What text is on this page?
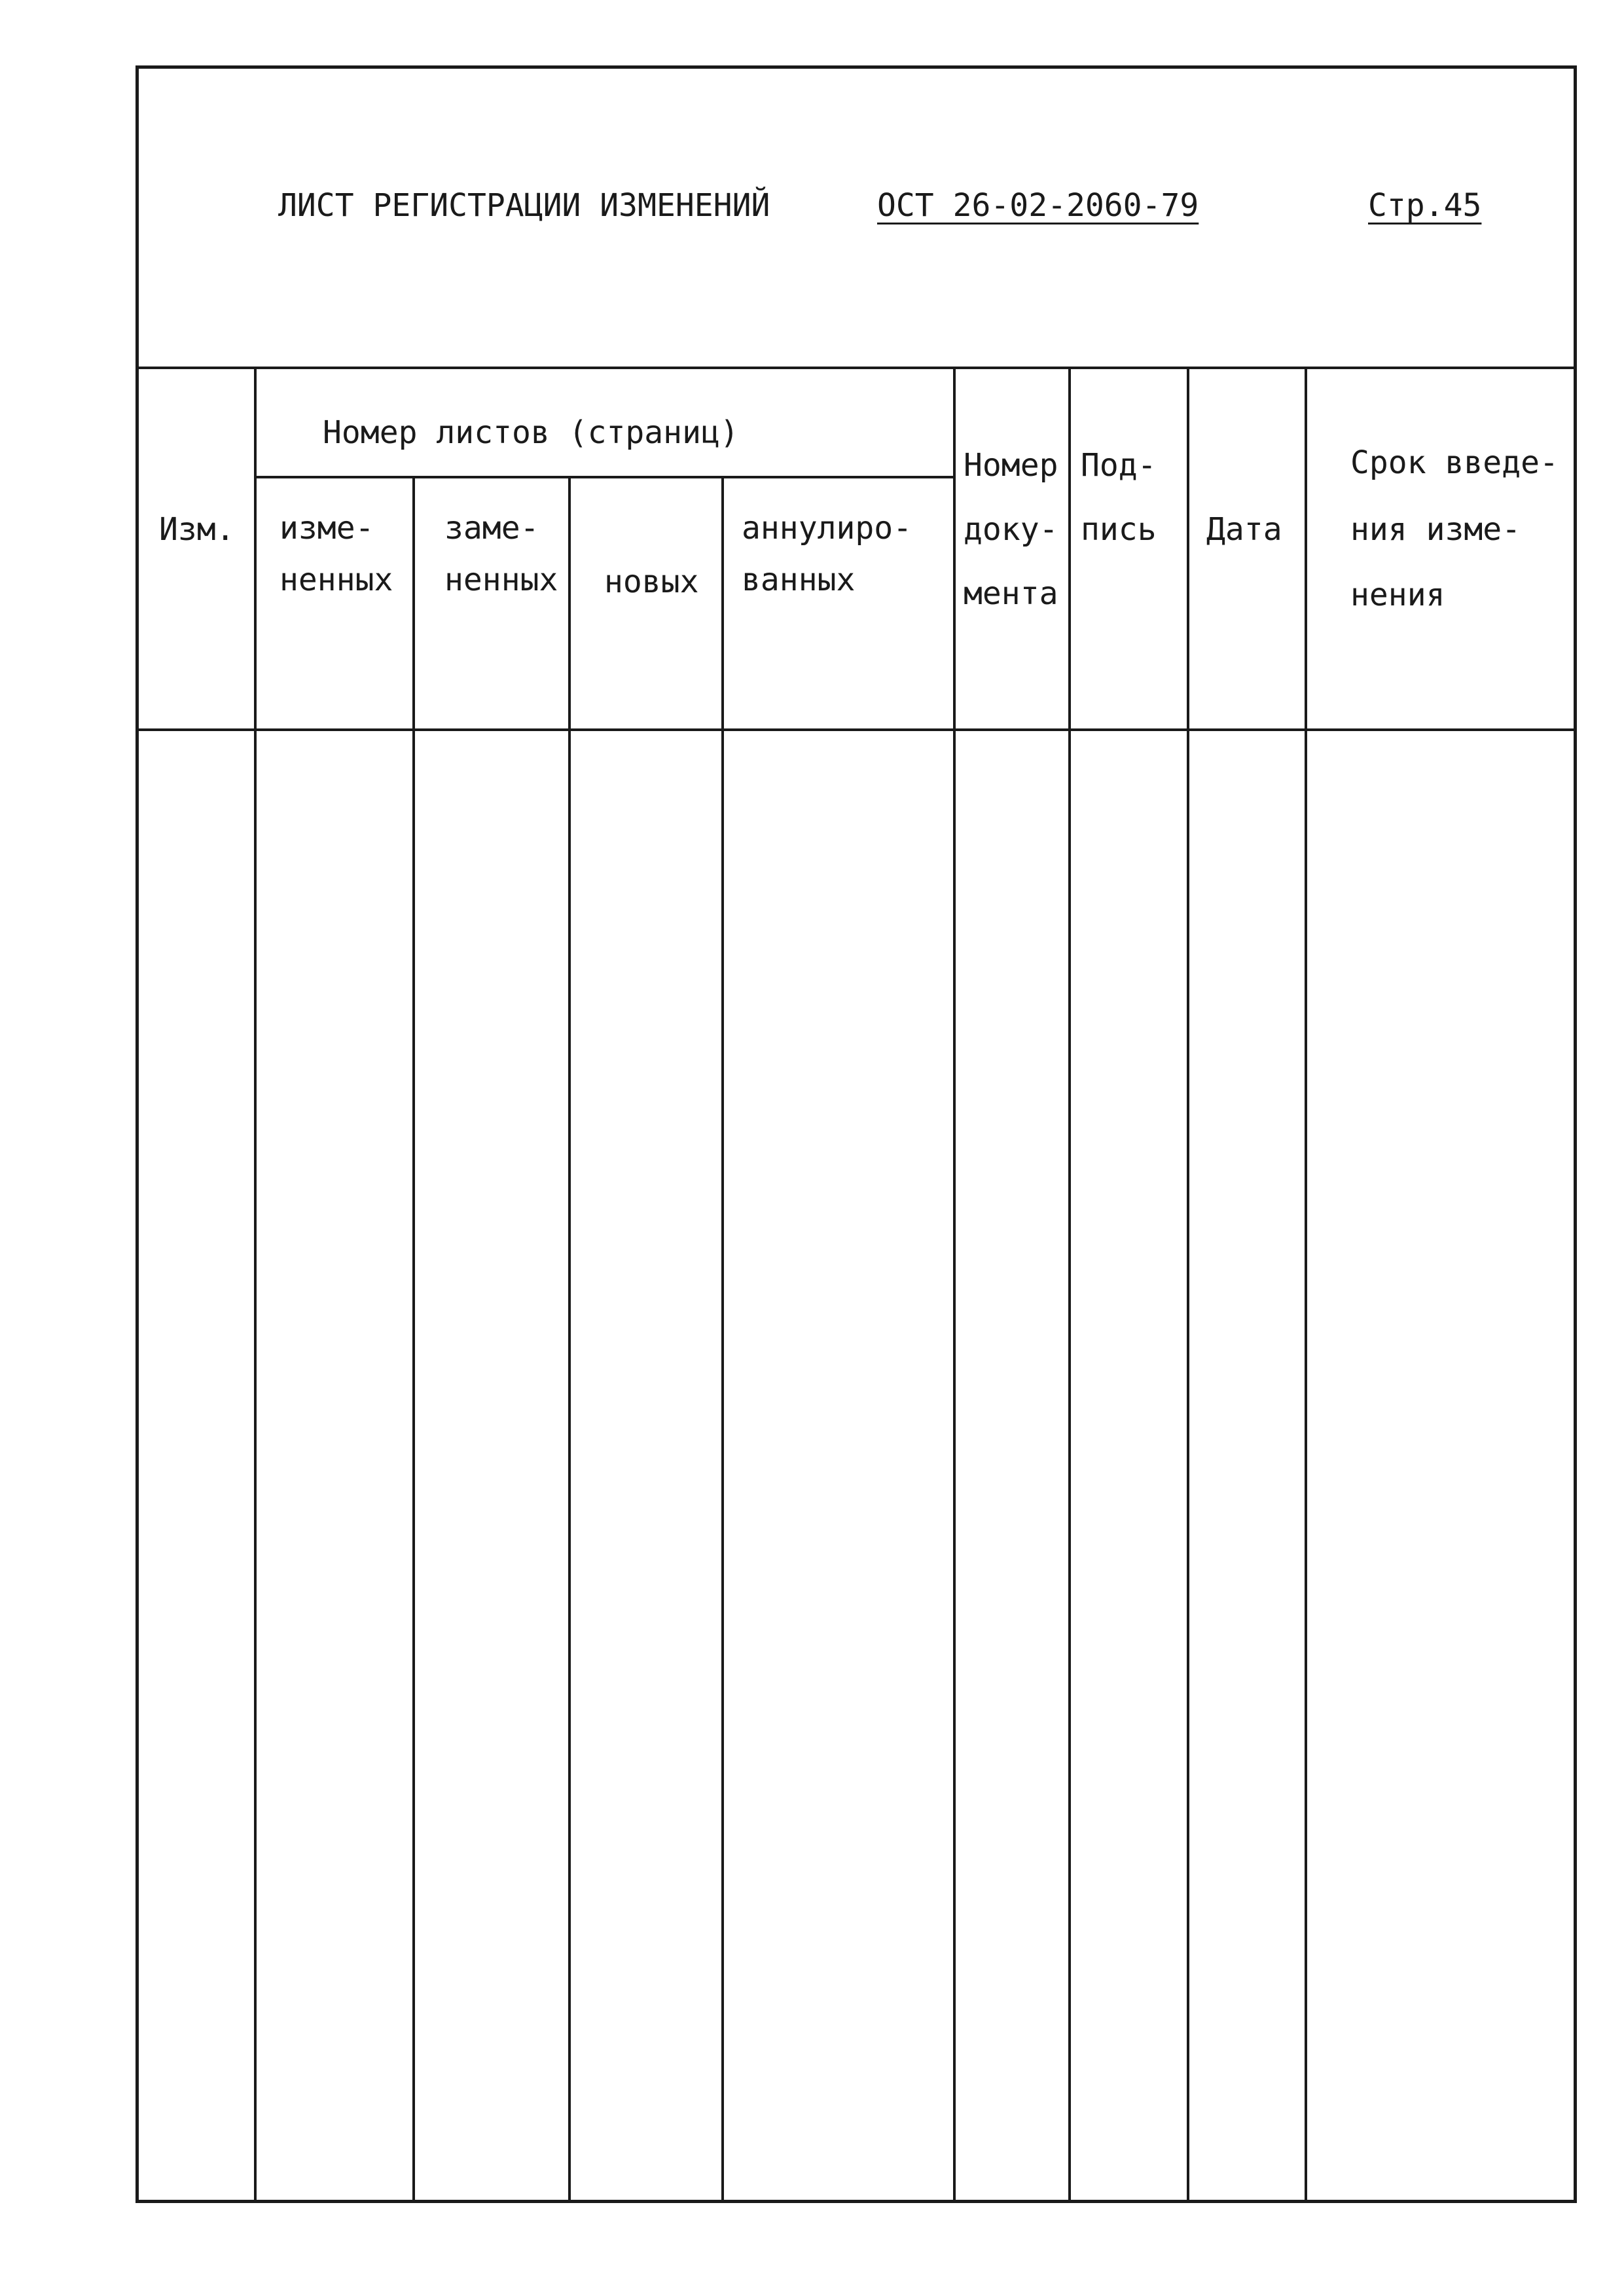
ЛИСТ РЕГИСТРАЦИИ ИЗМЕНЕНИЙ	ОСТ 26-02-2060-79	Стр.45
Изм.
Номер листов (страниц)
изме-
ненных
заме-
ненных новых
аннулиро-
ванных
Номер
доку-
мента
Под-
пись Дата
Срок введе-
ния изме-
нения
